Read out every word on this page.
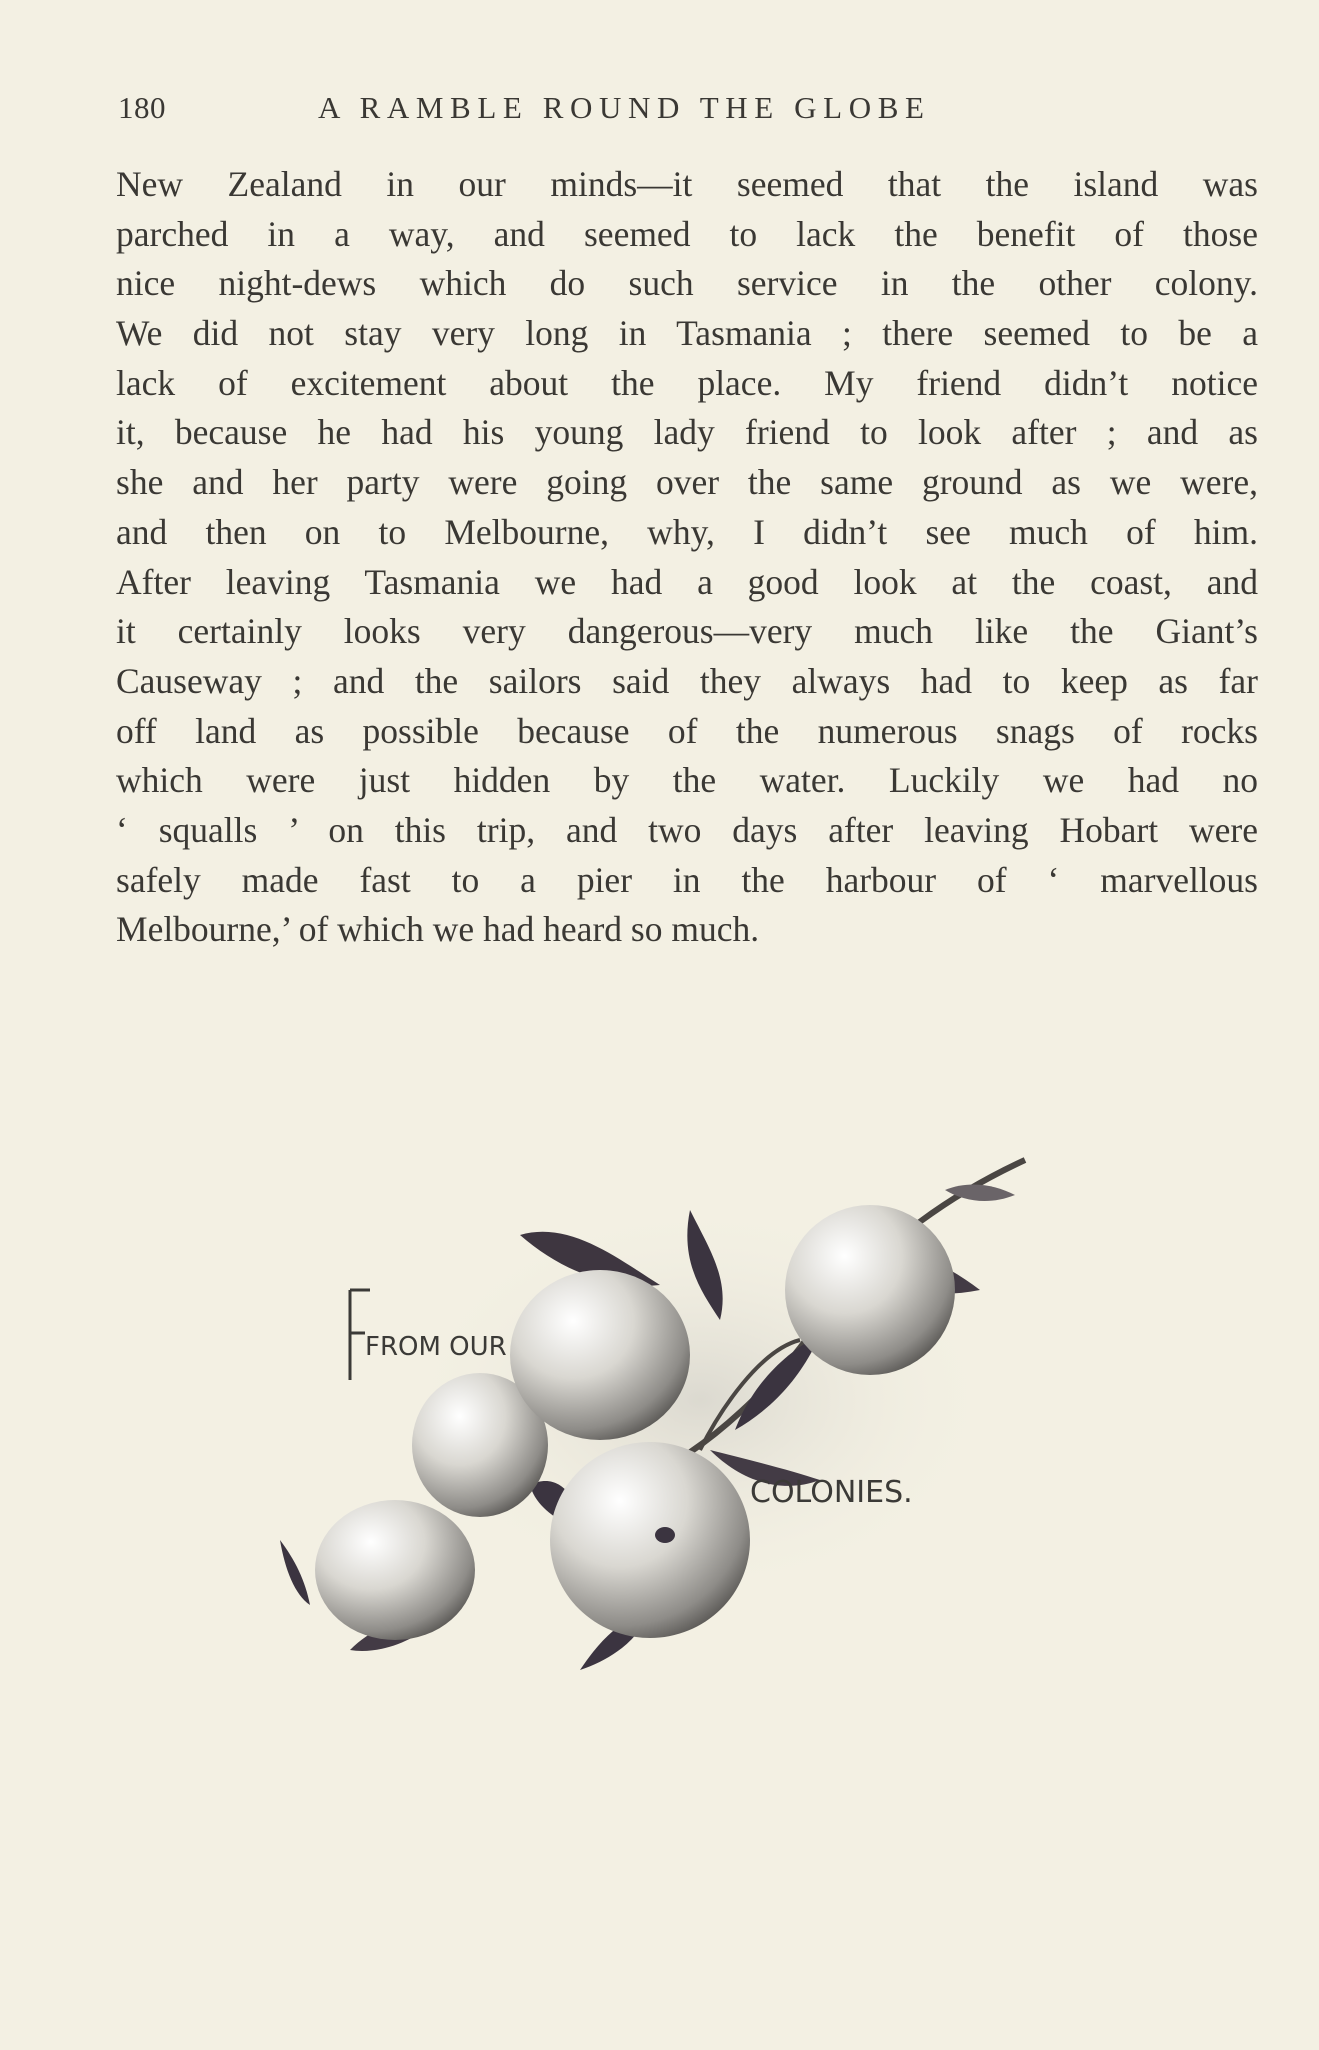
180	A RAMBLE ROUND THE GLOBE
New Zealand in our minds—it seemed that the island was
parched in a way, and seemed to lack the benefit of those
nice night-dews which do such service in the other colony.
We did not stay very long in Tasmania ; there seemed to be a
lack of excitement about the place. My friend didn’t notice
it, because he had his young lady friend to look after ; and as
she and her party were going over the same ground as we were,
and then on to Melbourne, why, I didn’t see much of him.
After leaving Tasmania we had a good look at the coast, and
it certainly looks very dangerous—very much like the Giant’s
Causeway ; and the sailors said they always had to keep as far
off land as possible because of the numerous snags of rocks
which were just hidden by the water. Luckily we had no
‘ squalls ’ on this trip, and two days after leaving Hobart were
safely made fast to a pier in the harbour of ‘ marvellous
Melbourne,’ of which we had heard so much.
FROM OUR
COLONIES.
